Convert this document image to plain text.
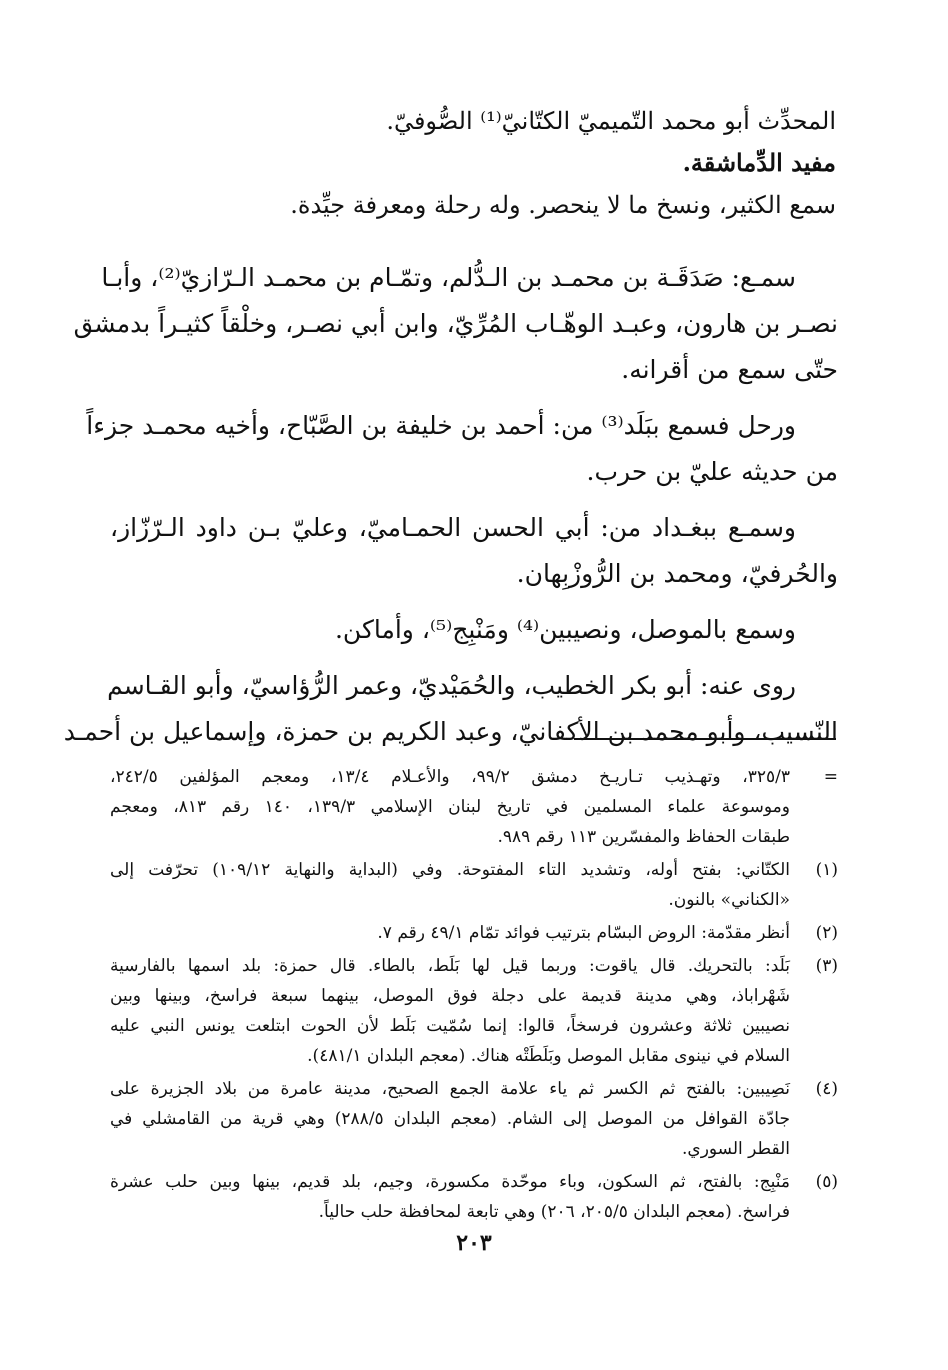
المحدِّث أبو محمد التّميميّ الكتّانيّ⁽¹⁾ الصُّوفيّ.
مفيد الدِّماشقة.
سمع الكثير، ونسخ ما لا ينحصر. وله رحلة ومعرفة جيِّدة.
سمـع: صَدَقَـة بن محمـد بن الـدُّلم، وتمّـام بن محمـد الـرّازيّ⁽²⁾، وأبـا
نصـر بن هارون، وعبـد الوهّـاب المُرِّيّ، وابن أبي نصـر، وخلْقاً كثيـراً بدمشق
حتّى سمع من أقرانه.
ورحل فسمع ببَلَد⁽³⁾ من: أحمد بن خليفة بن الصَّبّاح، وأخيه محمـد جزءاً
من حديثه عليّ بن حرب.
وسمـع ببغـداد من: أبي الحسن الحمـاميّ، وعليّ بـن داود الـرّزّاز،
والحُرفيّ، ومحمد بن الرُّوزْبِهان.
وسمع بالموصل، ونصيبين⁽⁴⁾ ومَنْبِج⁽⁵⁾، وأماكن.
روى عنه: أبو بكر الخطيب، والحُمَيْديّ، وعمر الرُّؤاسيّ، وأبو القـاسم
النّسيب، وأبو محمد بن الأكفانيّ، وعبد الكريم بن حمزة، وإسماعيل بن أحمـد
=
٣٢٥/٣، وتهـذيب تـاريـخ دمشق ٩٩/٢، والأعـلام ١٣/٤، ومعجم المؤلفين ٢٤٢/٥،
وموسوعة علماء المسلمين في تاريخ لبنان الإسلامي ١٣٩/٣، ١٤٠ رقم ٨١٣، ومعجم
طبقات الحفاظ والمفسّرين ١١٣ رقم ٩٨٩.
(١)
الكتّاني: بفتح أوله، وتشديد التاء المفتوحة. وفي (البداية والنهاية ١٠٩/١٢) تحرّفت إلى
«الكناني» بالنون.
(٢)
أنظر مقدّمة: الروض البسّام بترتيب فوائد تمّام ٤٩/١ رقم ٧.
(٣)
بَلَد: بالتحريك. قال ياقوت: وربما قيل لها بَلَط، بالطاء. قال حمزة: بلد اسمها بالفارسية
شَهْراباذ، وهي مدينة قديمة على دجلة فوق الموصل، بينهما سبعة فراسخ، وبينها وبين
نصيبين ثلاثة وعشرون فرسخاً، قالوا: إنما سُمّيت بَلَط لأن الحوت ابتلعت يونس النبي عليه
السلام في نينوى مقابل الموصل وبَلَطَتْه هناك. (معجم البلدان ٤٨١/١).
(٤)
نَصِيبين: بالفتح ثم الكسر ثم ياء علامة الجمع الصحيح، مدينة عامرة من بلاد الجزيرة على
جادّة القوافل من الموصل إلى الشام. (معجم البلدان ٢٨٨/٥) وهي قرية من القامشلي في
القطر السوري.
(٥)
مَنْبِج: بالفتح، ثم السكون، وباء موحّدة مكسورة، وجيم، بلد قديم، بينها وبين حلب عشرة
فراسخ. (معجم البلدان ٢٠٥/٥، ٢٠٦) وهي تابعة لمحافظة حلب حالياً.
٢٠٣
